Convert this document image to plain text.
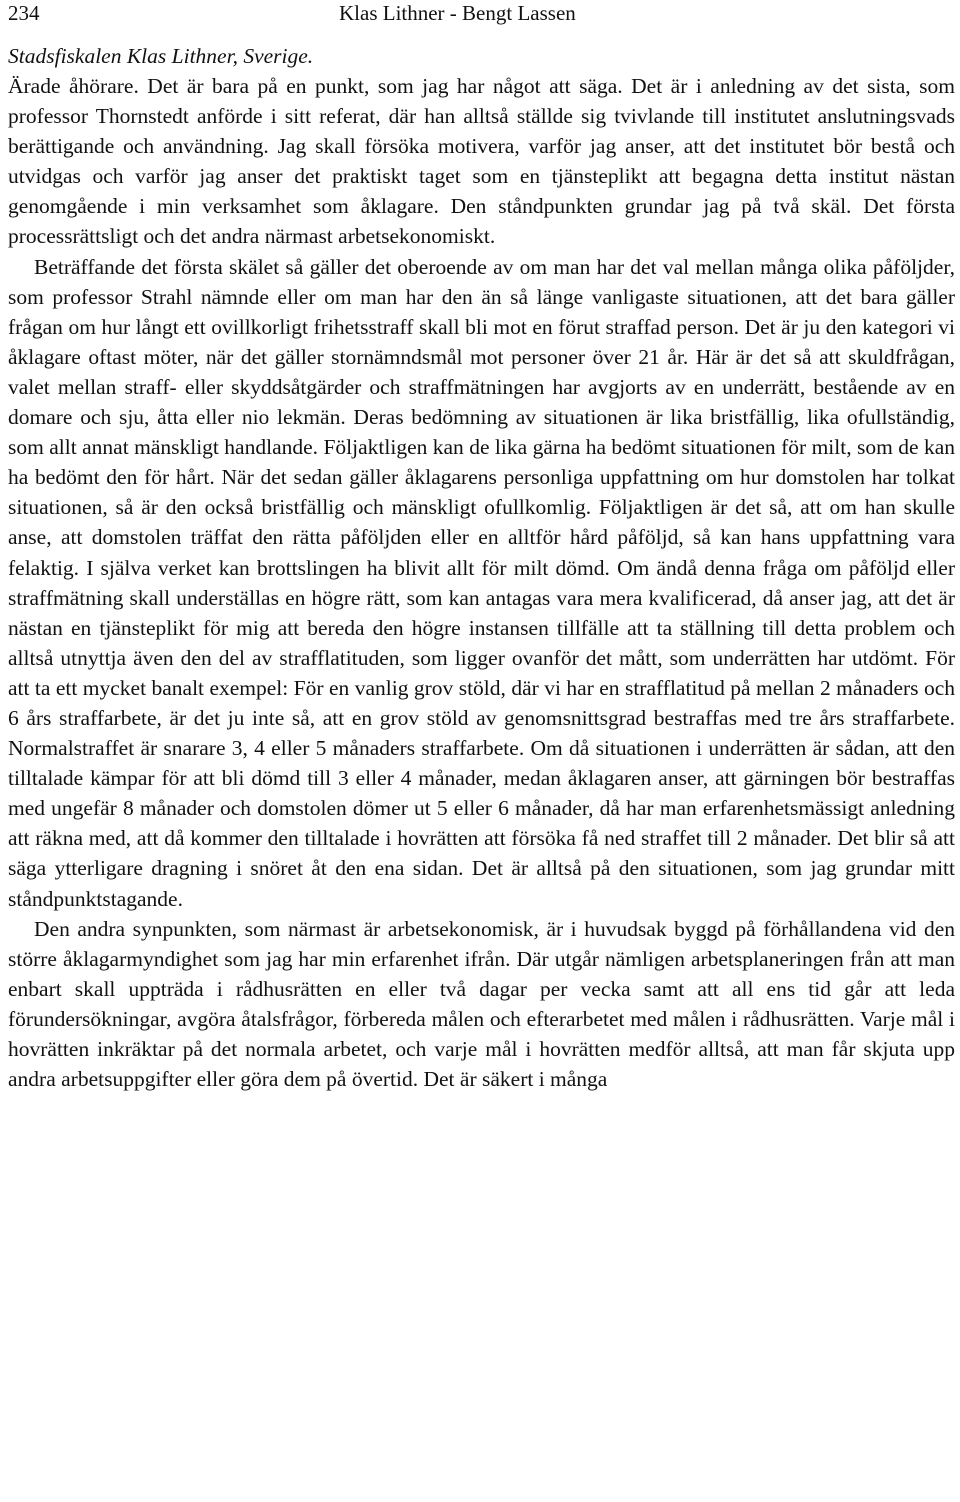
234	Klas Lithner - Bengt Lassen
Stadsfiskalen Klas Lithner, Sverige.

Ärade åhörare. Det är bara på en punkt, som jag har något att säga. Det är i anledning av det sista, som professor Thornstedt anförde i sitt referat, där han alltså ställde sig tvivlande till institutet anslutningsvads berättigande och användning. Jag skall försöka motivera, varför jag anser, att det institutet bör bestå och utvidgas och varför jag anser det praktiskt taget som en tjänsteplikt att begagna detta institut nästan genomgående i min verksamhet som åklagare. Den ståndpunkten grundar jag på två skäl. Det första processrättsligt och det andra närmast arbetsekonomiskt.

Beträffande det första skälet så gäller det oberoende av om man har det val mellan många olika påföljder, som professor Strahl nämnde eller om man har den än så länge vanligaste situationen, att det bara gäller frågan om hur långt ett ovillkorligt frihetsstraff skall bli mot en förut straffad person. Det är ju den kategori vi åklagare oftast möter, när det gäller stornämndsmål mot personer över 21 år. Här är det så att skuldfrågan, valet mellan straff- eller skyddsåtgärder och straffmätningen har avgjorts av en underrätt, bestående av en domare och sju, åtta eller nio lekmän. Deras bedömning av situationen är lika bristfällig, lika ofullständig, som allt annat mänskligt handlande. Följaktligen kan de lika gärna ha bedömt situationen för milt, som de kan ha bedömt den för hårt. När det sedan gäller åklagarens personliga uppfattning om hur domstolen har tolkat situationen, så är den också bristfällig och mänskligt ofullkomlig. Följaktligen är det så, att om han skulle anse, att domstolen träffat den rätta påföljden eller en alltför hård påföljd, så kan hans uppfattning vara felaktig. I själva verket kan brottslingen ha blivit allt för milt dömd. Om ändå denna fråga om påföljd eller straffmätning skall underställas en högre rätt, som kan antagas vara mera kvalificerad, då anser jag, att det är nästan en tjänsteplikt för mig att bereda den högre instansen tillfälle att ta ställning till detta problem och alltså utnyttja även den del av strafflatituden, som ligger ovanför det mått, som underrätten har utdömt. För att ta ett mycket banalt exempel: För en vanlig grov stöld, där vi har en strafflatitud på mellan 2 månaders och 6 års straffarbete, är det ju inte så, att en grov stöld av genomsnittsgrad bestraffas med tre års straffarbete. Normalstraffet är snarare 3, 4 eller 5 månaders straffarbete. Om då situationen i underrätten är sådan, att den tilltalade kämpar för att bli dömd till 3 eller 4 månader, medan åklagaren anser, att gärningen bör bestraffas med ungefär 8 månader och domstolen dömer ut 5 eller 6 månader, då har man erfarenhetsmässigt anledning att räkna med, att då kommer den tilltalade i hovrätten att försöka få ned straffet till 2 månader. Det blir så att säga ytterligare dragning i snöret åt den ena sidan. Det är alltså på den situationen, som jag grundar mitt ståndpunktstagande.

Den andra synpunkten, som närmast är arbetsekonomisk, är i huvudsak byggd på förhållandena vid den större åklagarmyndighet som jag har min erfarenhet ifrån. Där utgår nämligen arbetsplaneringen från att man enbart skall uppträda i rådhusrätten en eller två dagar per vecka samt att all ens tid går att leda förundersökningar, avgöra åtalsfrågor, förbereda målen och efterarbetet med målen i rådhusrätten. Varje mål i hovrätten inkräktar på det normala arbetet, och varje mål i hovrätten medför alltså, att man får skjuta upp andra arbetsuppgifter eller göra dem på övertid. Det är säkert i många
